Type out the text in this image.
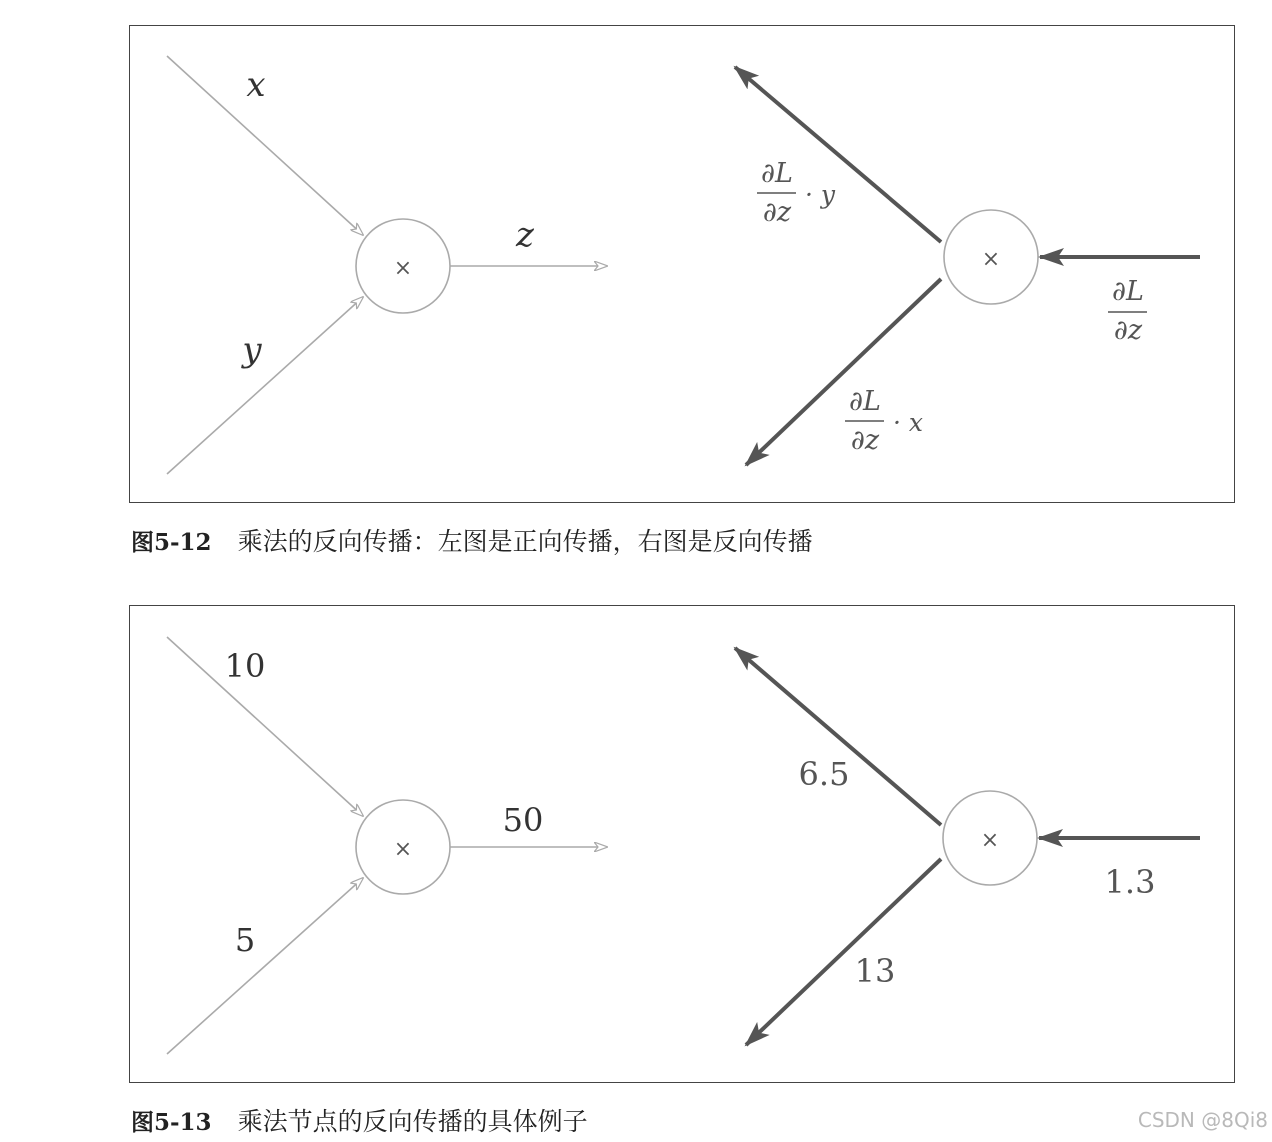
×
x
y
z
×
∂L
∂z
∂L
∂z
· y
∂L
∂z
· x
图5-12 乘法的反向传播：左图是正向传播，右图是反向传播
×
10
5
50
×
1.3
6.5
13
图5-13 乘法节点的反向传播的具体例子	CSDN @8Qi8
